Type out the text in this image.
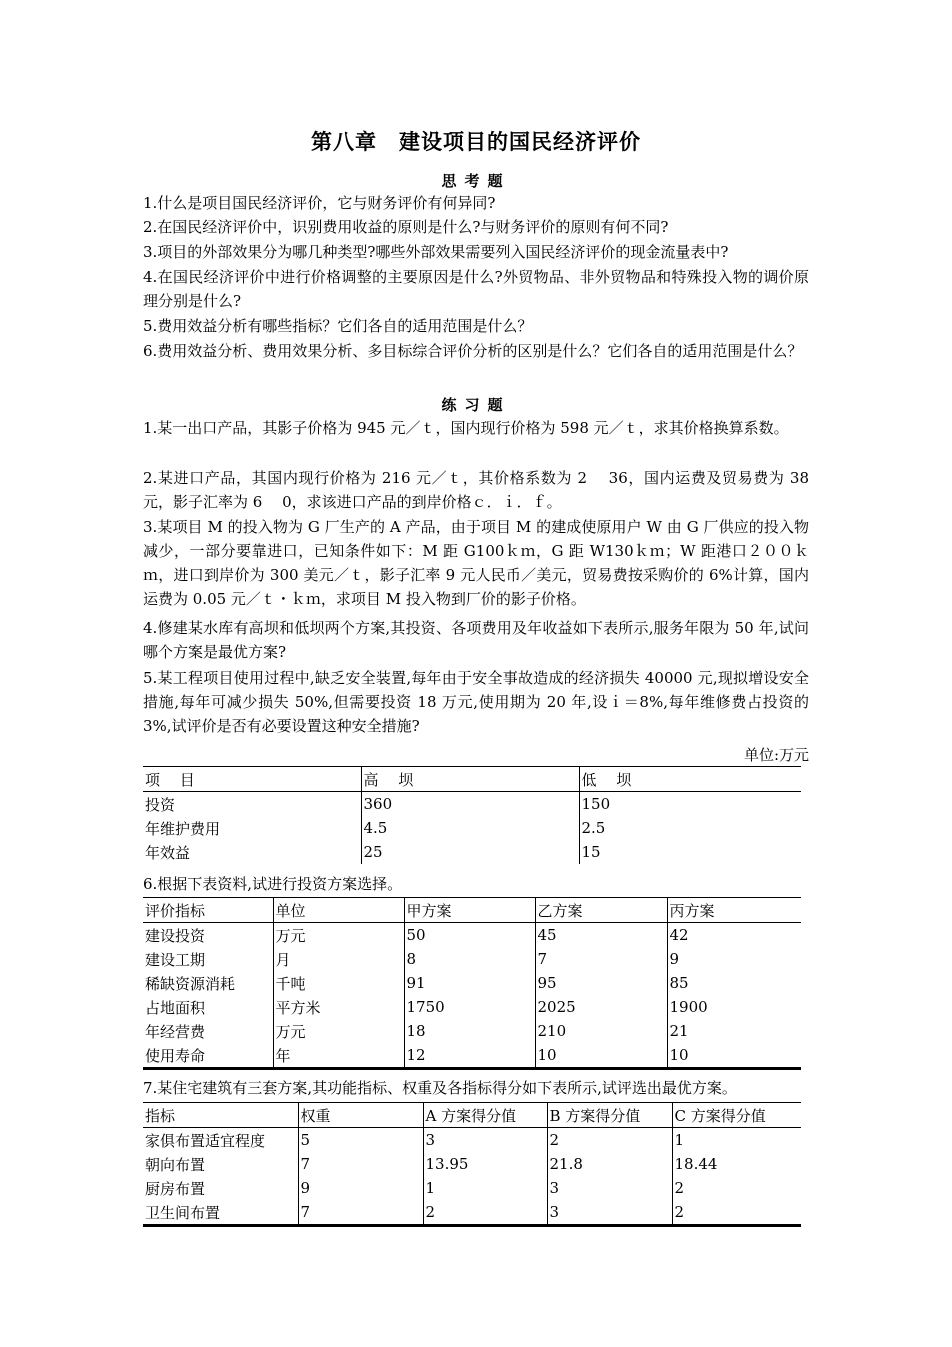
第八章　建设项目的国民经济评价
思考题
1.什么是项目国民经济评价，它与财务评价有何异同?
2.在国民经济评价中，识别费用收益的原则是什么?与财务评价的原则有何不同?
3.项目的外部效果分为哪几种类型?哪些外部效果需要列入国民经济评价的现金流量表中?
4.在国民经济评价中进行价格调整的主要原因是什么?外贸物品、非外贸物品和特殊投入物的调价原理分别是什么?
5.费用效益分析有哪些指标？它们各自的适用范围是什么？
6.费用效益分析、费用效果分析、多目标综合评价分析的区别是什么？它们各自的适用范围是什么？
练习题
1.某一出口产品，其影子价格为 945 元／ｔ，国内现行价格为 598 元／ｔ，求其价格换算系数。
2.某进口产品，其国内现行价格为 216 元／ｔ，其价格系数为 2　 36，国内运费及贸易费为 38 元，影子汇率为 6　 0，求该进口产品的到岸价格ｃ．ｉ．ｆ。
3.某项目 M 的投入物为 G 厂生产的 A 产品，由于项目 M 的建成使原用户 W 由 G 厂供应的投入物减少，一部分要靠进口，已知条件如下：M 距 G100ｋｍ，G 距 W130ｋｍ；W 距港口２００ｋｍ，进口到岸价为 300 美元／ｔ，影子汇率 9 元人民币／美元，贸易费按采购价的 6%计算，国内运费为 0.05 元／ｔ・ｋｍ，求项目 M 投入物到厂价的影子价格。
4.修建某水库有高坝和低坝两个方案,其投资、各项费用及年收益如下表所示,服务年限为 50 年,试问哪个方案是最优方案?
5.某工程项目使用过程中,缺乏安全装置,每年由于安全事故造成的经济损失 40000 元,现拟增设安全措施,每年可减少损失 50%,但需要投资 18 万元,使用期为 20 年,设ｉ＝8%,每年维修费占投资的 3%,试评价是否有必要设置这种安全措施?
单位:万元
项　 目	高　 坝	低　 坝
投资	360	150
年维护费用	4.5	2.5
年效益	25	15
6.根据下表资料,试进行投资方案选择。
评价指标	单位	甲方案	乙方案	丙方案
建设投资	万元	50	45	42
建设工期	月	8	7	9
稀缺资源消耗	千吨	91	95	85
占地面积	平方米	1750	2025	1900
年经营费	万元	18	210	21
使用寿命	年	12	10	10
7.某住宅建筑有三套方案,其功能指标、权重及各指标得分如下表所示,试评选出最优方案。
指标	权重	A 方案得分值	B 方案得分值	C 方案得分值
家俱布置适宜程度	5	3	2	1
朝向布置	7	13.95	21.8	18.44
厨房布置	9	1	3	2
卫生间布置	7	2	3	2
